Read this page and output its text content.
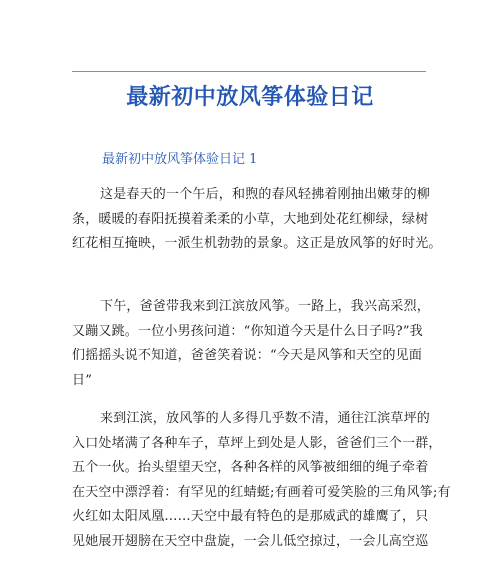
最新初中放风筝体验日记
最新初中放风筝体验日记 1
这是春天的一个午后，和煦的春风轻拂着刚抽出嫩芽的柳
条，暖暖的春阳抚摸着柔柔的小草，大地到处花红柳绿，绿树
红花相互掩映，一派生机勃勃的景象。这正是放风筝的好时光。
下午，爸爸带我来到江滨放风筝。一路上，我兴高采烈，
又蹦又跳。一位小男孩问道：“你知道今天是什么日子吗?”我
们摇摇头说不知道，爸爸笑着说：“今天是风筝和天空的见面
日”
来到江滨，放风筝的人多得几乎数不清，通往江滨草坪的
入口处堵满了各种车子，草坪上到处是人影，爸爸们三个一群，
五个一伙。抬头望望天空，各种各样的风筝被细细的绳子牵着
在天空中漂浮着：有罕见的红蜻蜓;有画着可爱笑脸的三角风筝;有
火红如太阳凤凰……天空中最有特色的是那威武的雄鹰了，只
见她展开翅膀在天空中盘旋，一会儿低空掠过，一会儿高空巡
